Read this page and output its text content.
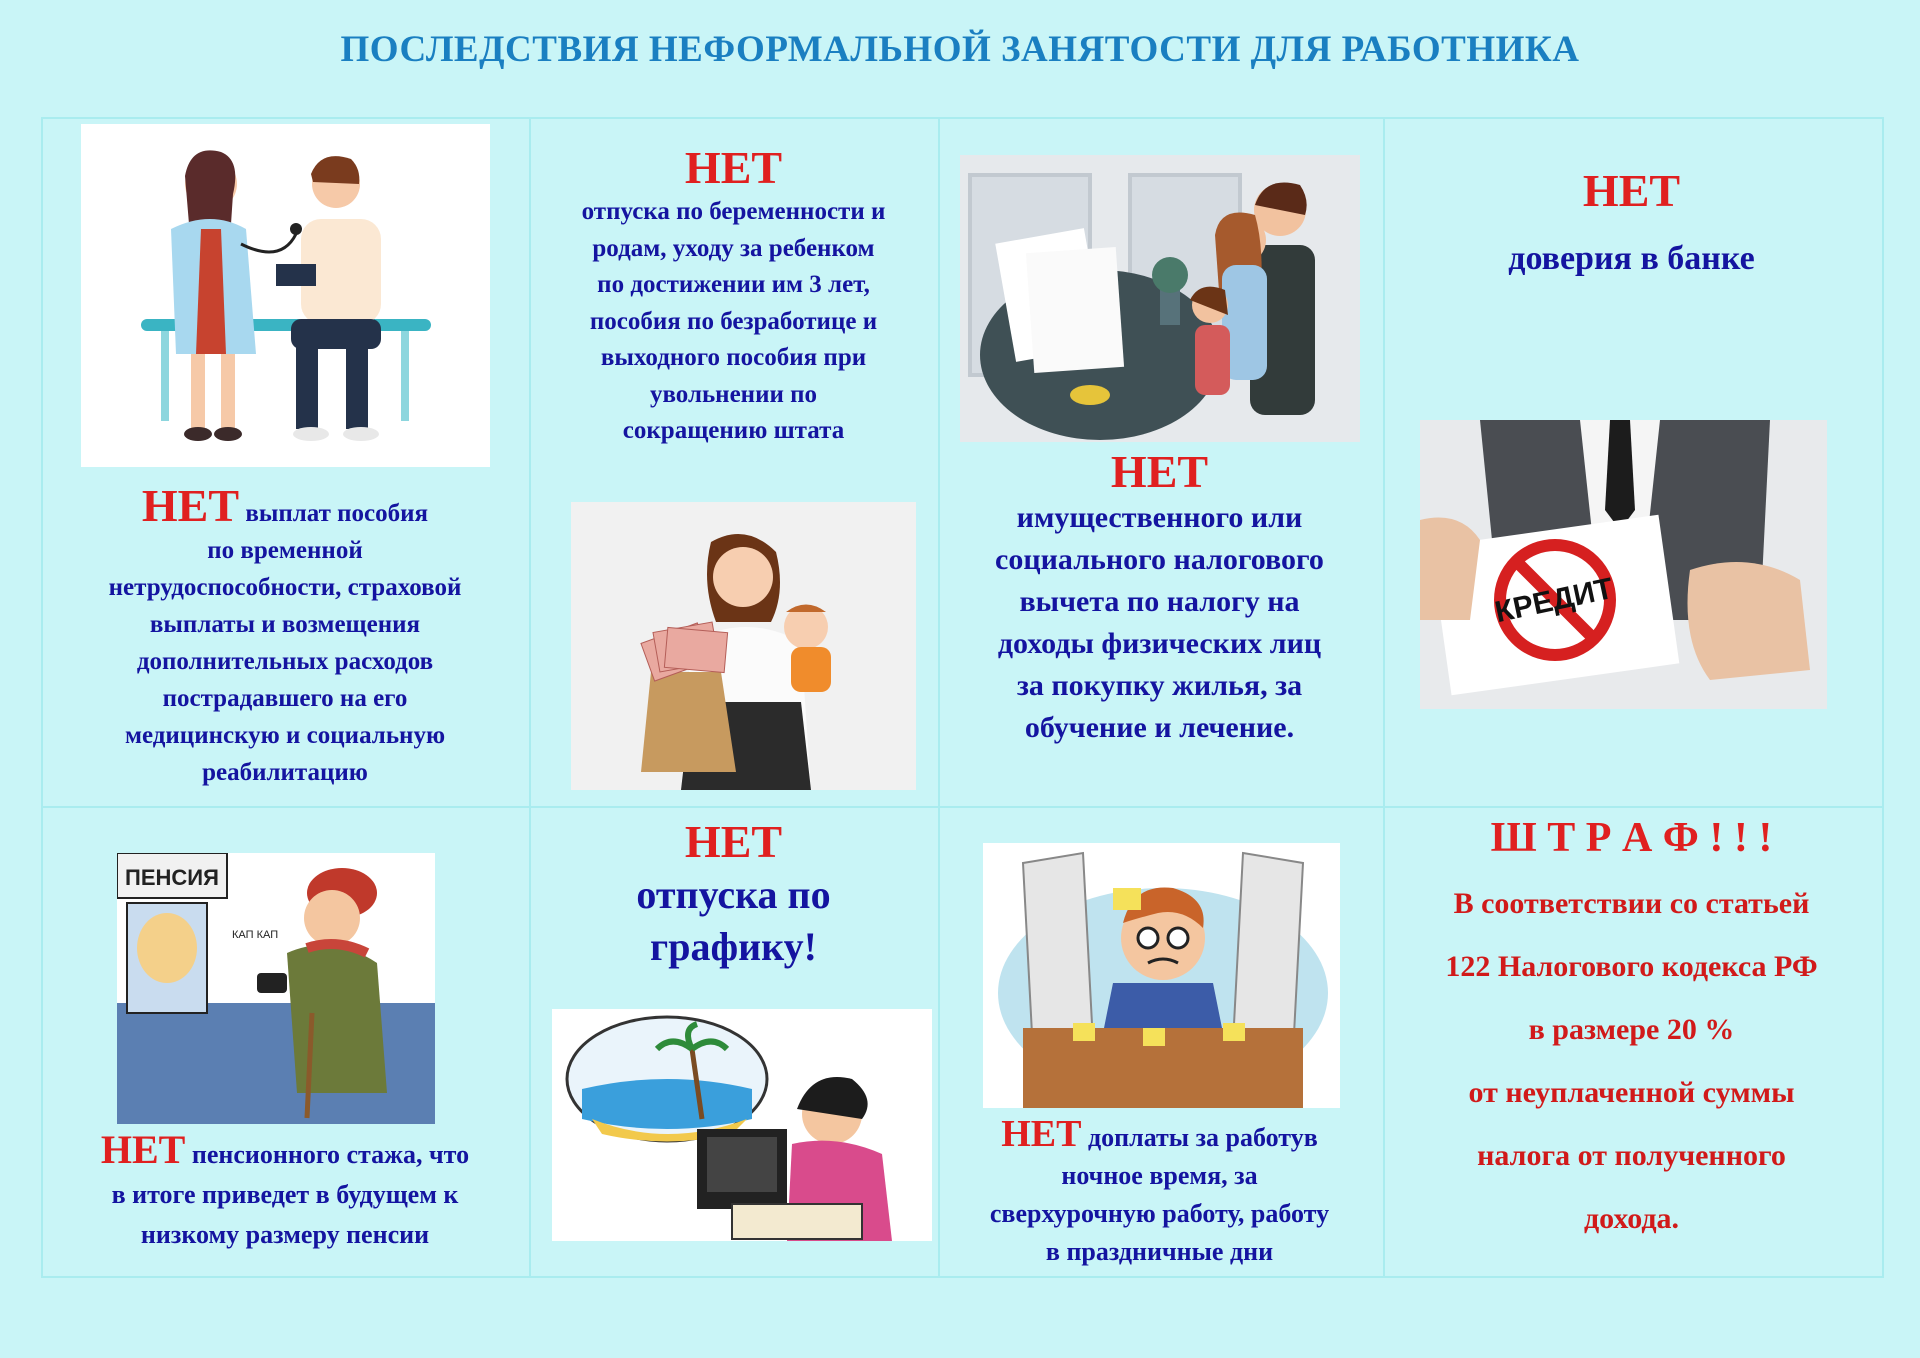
ПОСЛЕДСТВИЯ НЕФОРМАЛЬНОЙ ЗАНЯТОСТИ ДЛЯ РАБОТНИКА
НЕТ выплат пособия
по временной
нетрудоспособности, страховой
выплаты и возмещения
дополнительных расходов
пострадавшего на его
медицинскую и социальную
реабилитацию
НЕТ
отпуска по беременности и
родам, уходу за ребенком
по достижении им 3 лет,
пособия по безработице и
выходного пособия при
увольнении по
сокращению штата
НЕТ
имущественного или
социального налогового
вычета по налогу на
доходы физических лиц
за покупку жилья, за
обучение и лечение.
НЕТ
доверия в банке
КРЕДИТ
ПЕНСИЯ
КАП КАП
НЕТ пенсионного стажа, что
в итоге приведет в будущем к
низкому размеру пенсии
НЕТ
отпуска по
графику!
НЕТ доплаты за работув
ночное время, за
сверхурочную работу, работу
в праздничные дни
Ш Т Р А Ф ! ! !
В соответствии со статьей
122 Налогового кодекса РФ
в размере 20 %
от неуплаченной суммы
налога от полученного
дохода.
